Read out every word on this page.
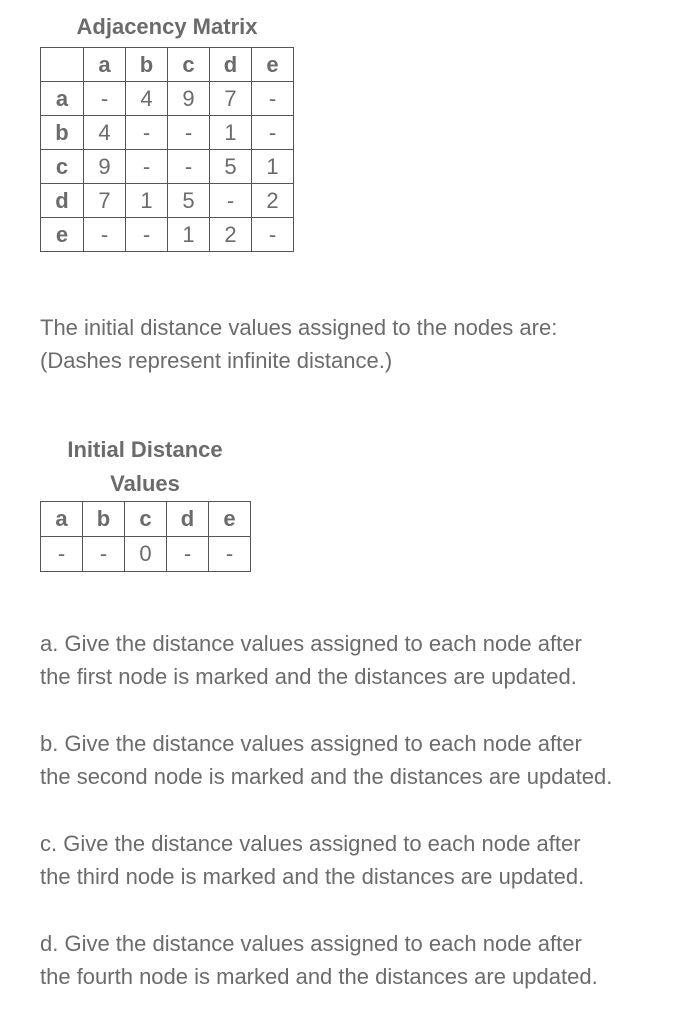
Adjacency Matrix
	a	b	c	d	e
a	-	4	9	7	-
b	4	-	-	1	-
c	9	-	-	5	1
d	7	1	5	-	2
e	-	-	1	2	-

The initial distance values assigned to the nodes are:
(Dashes represent infinite distance.)

Initial Distance
Values
a	b	c	d	e
-	-	0	-	-

a. Give the distance values assigned to each node after
the first node is marked and the distances are updated.

b. Give the distance values assigned to each node after
the second node is marked and the distances are updated.

c. Give the distance values assigned to each node after
the third node is marked and the distances are updated.

d. Give the distance values assigned to each node after
the fourth node is marked and the distances are updated.
